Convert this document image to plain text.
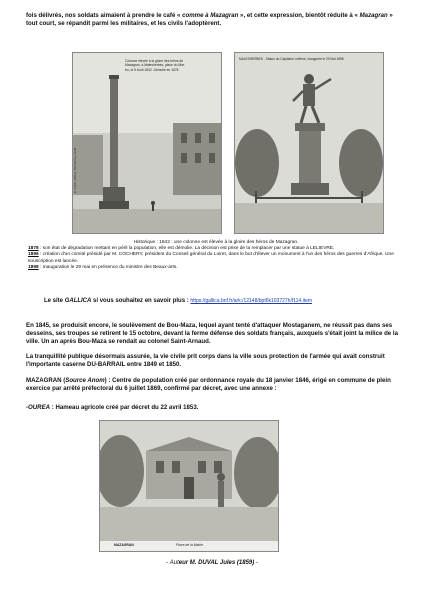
fois délivrés, nos soldats aimaient à prendre le café « comme à Mazagran », et cette expression, bientôt réduite à « Mazagran » tout court, se répandit parmi les militaires, et les civils l'adoptèrent.

E. Rosé, éditeur, Montereau-Andé
Colonne élevée à la gloire des héros de
Mazagran, à Malesherbes, place du Mar-
tro, le 5 Août 1842. Démolie en 1878
MALESHERBES - Statue du Capitaine Lelièvre, inaugurée le 29 Mai 1898
Historique : 1842 : une colonne est élevée à la gloire des héros de Mazagran.
1878 : son état de dégradation mettant en péril la population, elle est démolie. La décision est prise de la remplacer par une statue à LELIEVRE.
1896 : création d'un comité présidé par M. COCHERY, président du Conseil général du Loiret, dans le but d'élever un monument à l'un des héros des guerres d'Afrique. Une souscription est lancée.
1898 : Inauguration le 29 mai en présence du ministre des Beaux-arts.
Le site GALLICA si vous souhaitez en savoir plus : https://gallica.bnf.fr/ark:/12148/bpt6k103727h/f114.item

En 1845, se produisit encore, le soulèvement de Bou-Maza, lequel ayant tenté d'attaquer Mostaganem, ne réussit pas dans ses desseins, ses troupes se retirent le 15 octobre, devant la ferme défense des soldats français, auxquels s'était joint la milice de la ville. Un an après Bou-Maza se rendait au colonel Saint-Arnaud.

La tranquillité publique désormais assurée, la vie civile prit corps dans la ville sous protection de l'armée qui avait construit l'importante caserne DU-BARRAIL entre 1849 et 1850.

MAZAGRAN (Source Anom) : Centre de population créé par ordonnance royale du 18 janvier 1846, érigé en commune de plein exercice par arrêté préfectoral du 6 juillet 1869, confirmé par décret, avec une annexe :

-OUREA : Hameau agricole créé par décret du 22 avril 1853.

MAZAGRAN	Place de la Mairie.
- Auteur M. DUVAL Jules (1859) -
